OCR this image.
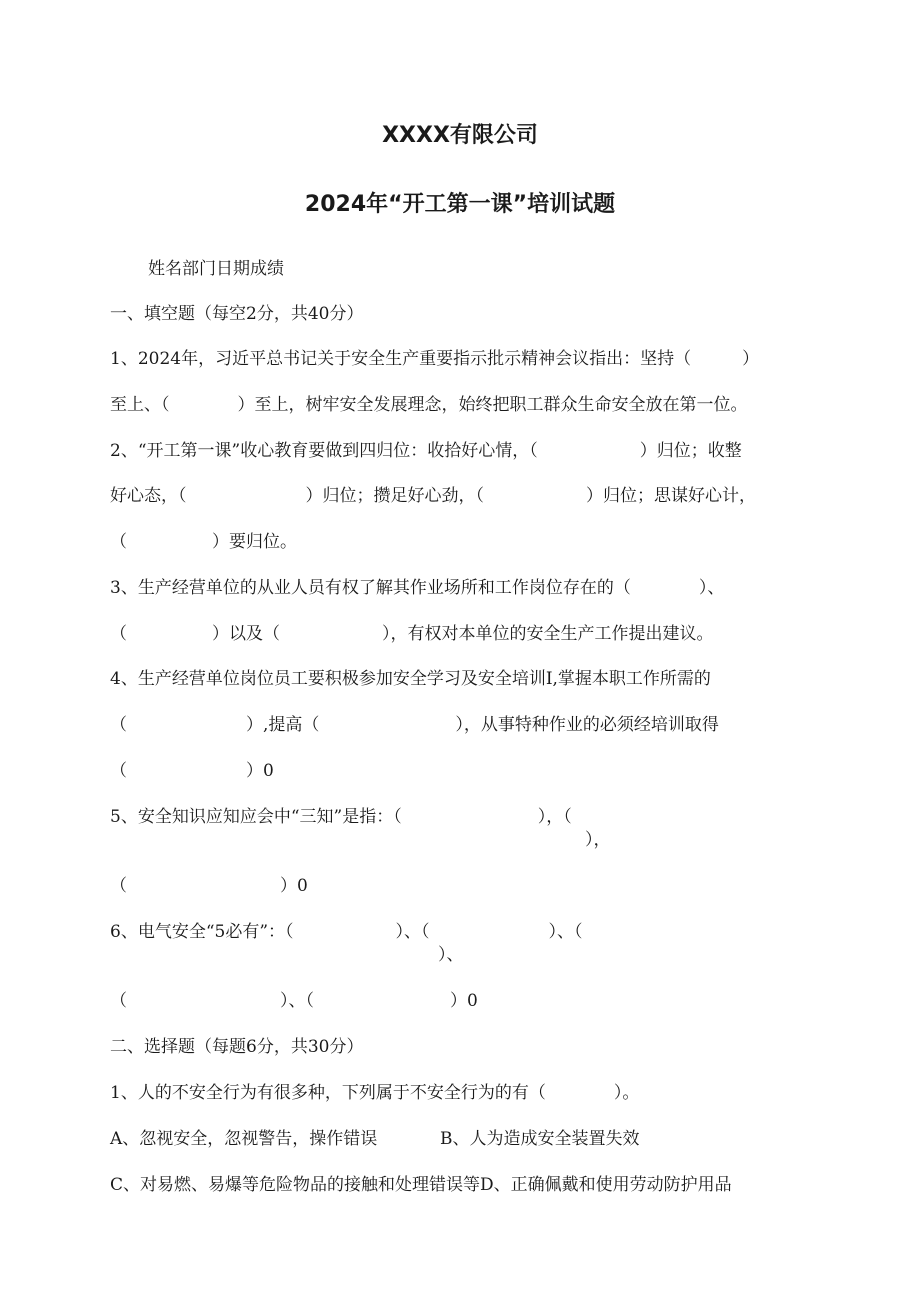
XXXX有限公司
2024年“开工第一课”培训试题
姓名部门日期成绩
一、填空题（每空2分，共40分）
1、2024年，习近平总书记关于安全生产重要指示批示精神会议指出：坚持（　　　）
至上、（　　　　）至上，树牢安全发展理念，始终把职工群众生命安全放在第一位。
2、“开工第一课”收心教育要做到四归位：收拾好心情，（　　　　　　）归位；收整
好心态，（　　　　　　　）归位；攒足好心劲，（　　　　　　）归位；思谋好心计，
（　　　　　）要归位。
3、生产经营单位的从业人员有权了解其作业场所和工作岗位存在的（　　　　）、
（　　　　　）以及（　　　　　　），有权对本单位的安全生产工作提出建议。
4、生产经营单位岗位员工要积极参加安全学习及安全培训I,掌握本职工作所需的
（　　　　　　　）,提高（　　　　　　　　），从事特种作业的必须经培训取得
（　　　　　　　）0
5、安全知识应知应会中“三知”是指：（　　　　　　　　），（
），
（　　　　　　　　　）0
6、电气安全“5必有”：（　　　　　　）、（　　　　　　　）、（
）、
（　　　　　　　　　）、（　　　　　　　　）0
二、选择题（每题6分，共30分）
1、人的不安全行为有很多种，下列属于不安全行为的有（　　　　）。
A、忽视安全，忽视警告，操作错误	B、人为造成安全装置失效
C、对易燃、易爆等危险物品的接触和处理错误等D、正确佩戴和使用劳动防护用品
